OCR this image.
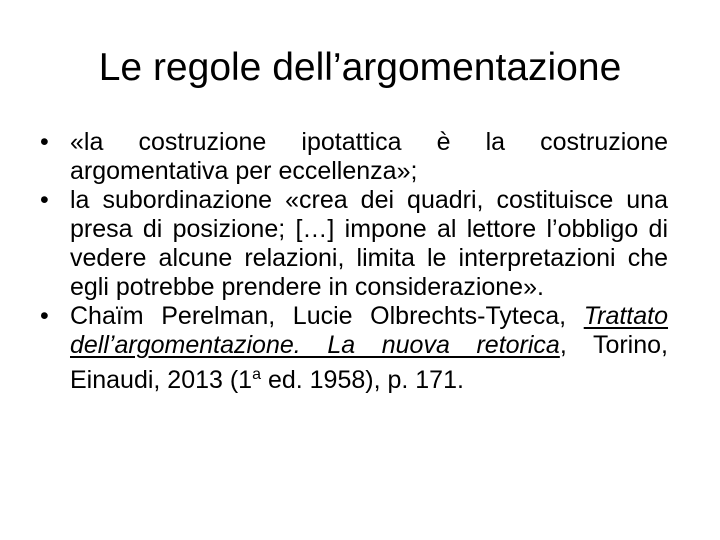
Le regole dell’argomentazione
• «la costruzione ipotattica è la costruzione argomentativa per eccellenza»;
• la subordinazione «crea dei quadri, costituisce una presa di posizione; […] impone al lettore l’obbligo di vedere alcune relazioni, limita le interpretazioni che egli potrebbe prendere in considerazione».
• Chaïm Perelman, Lucie Olbrechts-Tyteca, Trattato dell’argomentazione. La nuova retorica, Torino, Einaudi, 2013 (1$^a$ ed. 1958), p. 171.
